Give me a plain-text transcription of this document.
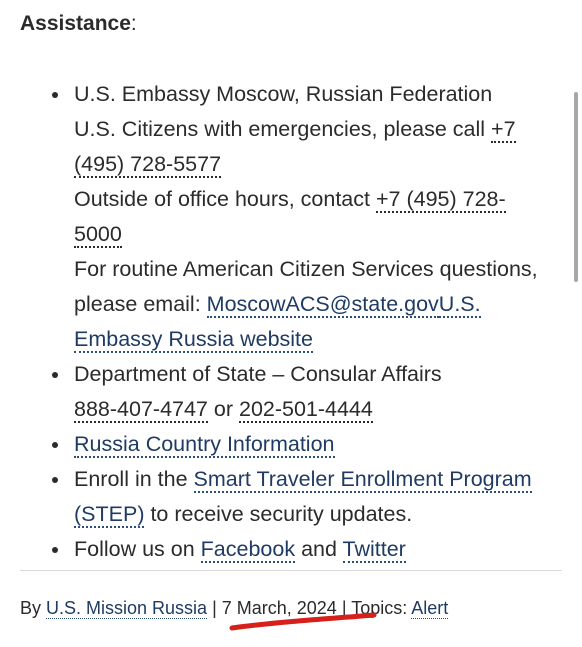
Assistance:
U.S. Embassy Moscow, Russian Federation
U.S. Citizens with emergencies, please call +7
(495) 728-5577
Outside of office hours, contact +7 (495) 728-5000
For routine American Citizen Services questions,
please email: MoscowACS@state.govU.S.
Embassy Russia website
Department of State – Consular Affairs
888-407-4747 or 202-501-4444
Russia Country Information
Enroll in the Smart Traveler Enrollment Program
(STEP) to receive security updates.
Follow us on Facebook and Twitter
By U.S. Mission Russia | 7 March, 2024 | Topics: Alert
